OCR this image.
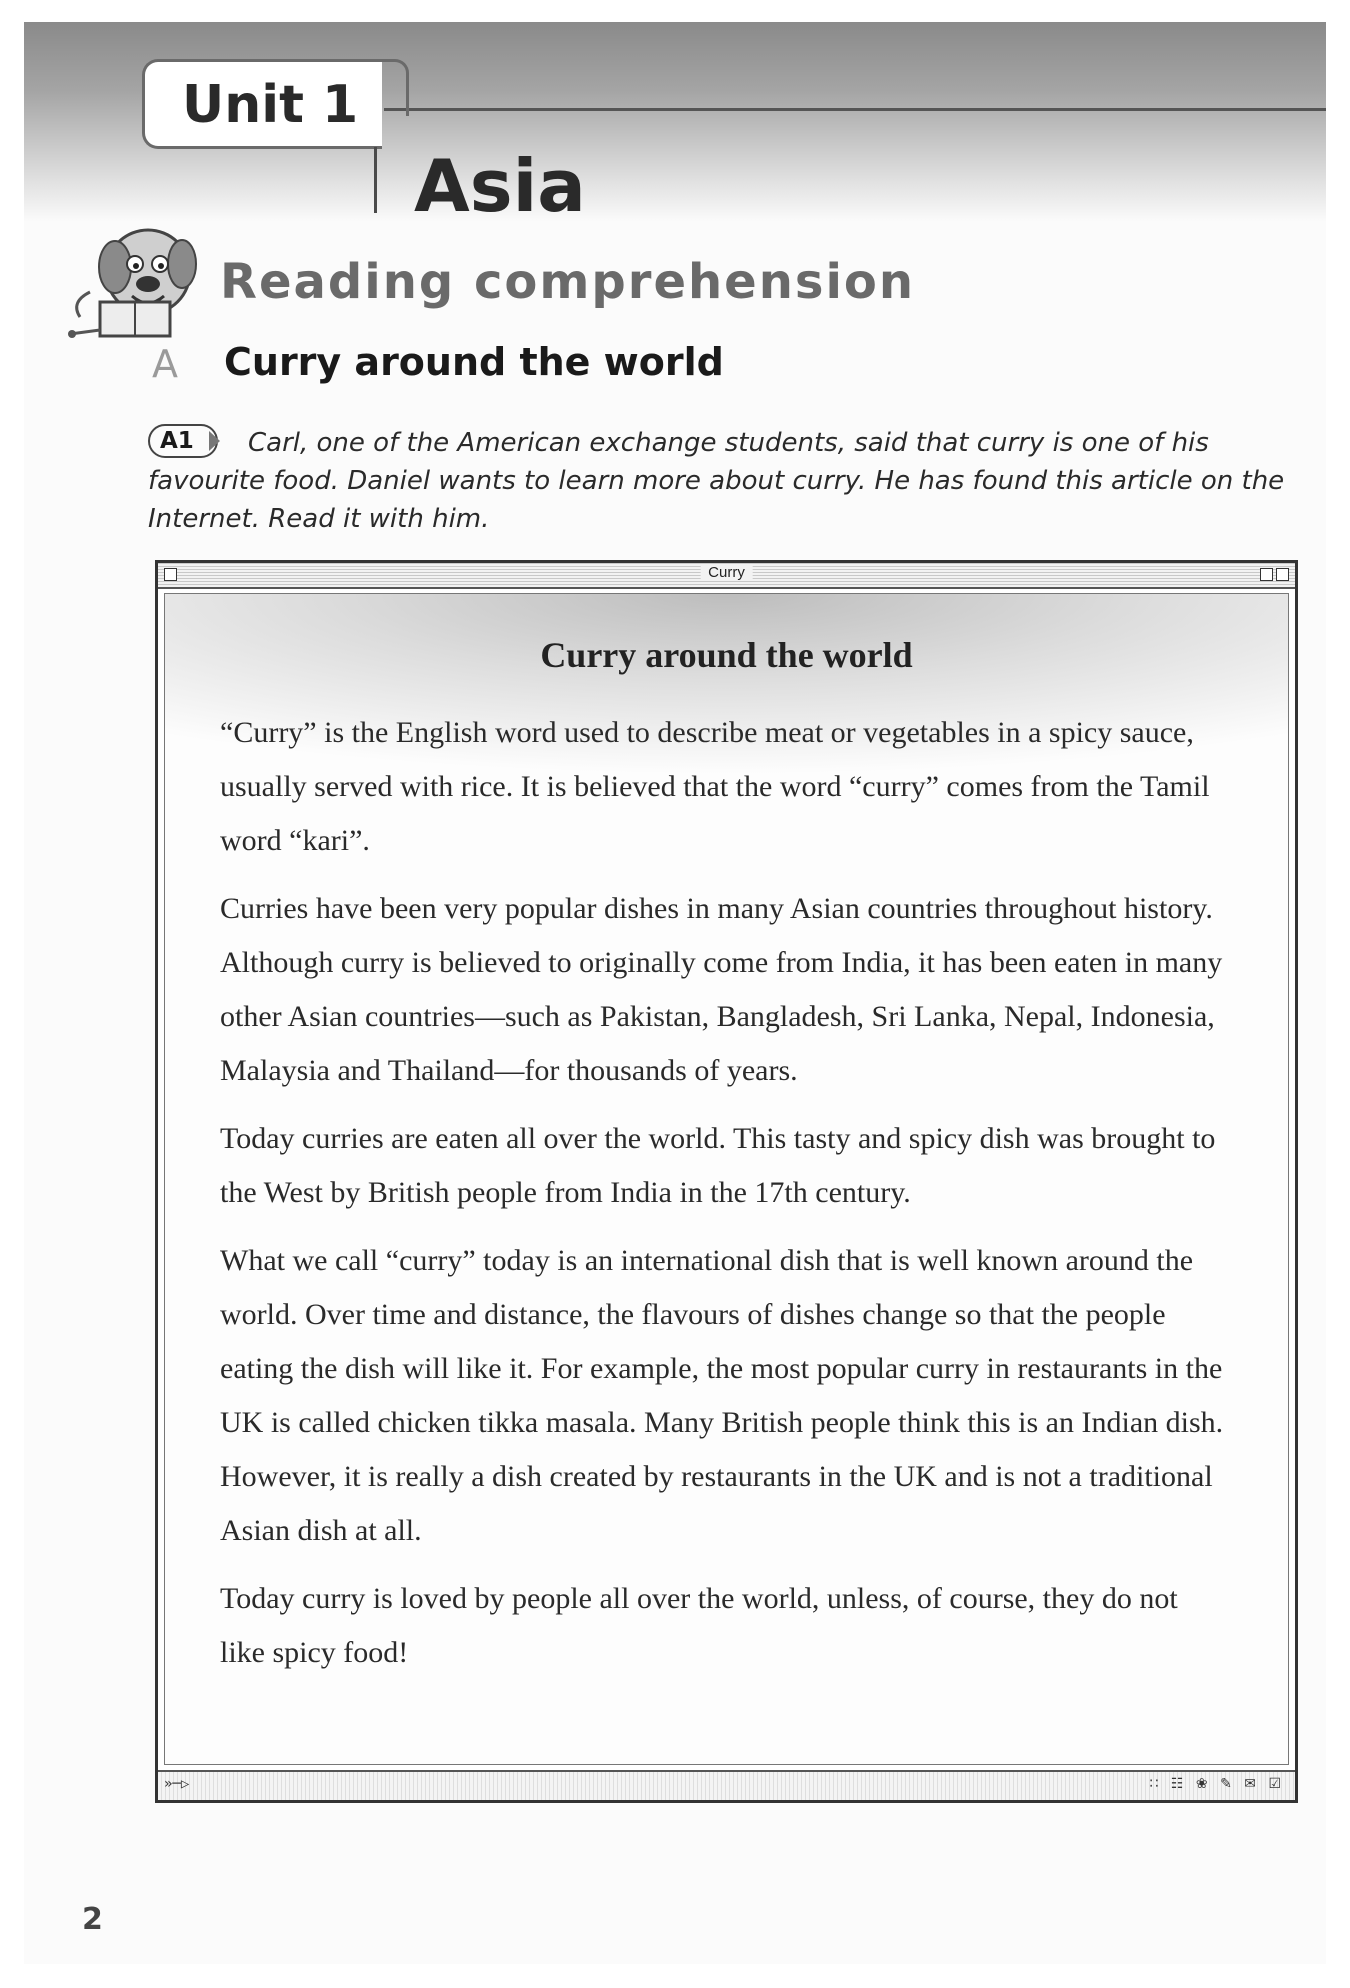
Unit 1
Asia
Reading comprehension
A Curry around the world
A1	Carl, one of the American exchange students, said that curry is one of his favourite food. Daniel wants to learn more about curry. He has found this article on the Internet. Read it with him.

Curry
Curry around the world

“Curry” is the English word used to describe meat or vegetables in a spicy sauce, usually served with rice. It is believed that the word “curry” comes from the Tamil word “kari”.

Curries have been very popular dishes in many Asian countries throughout history. Although curry is believed to originally come from India, it has been eaten in many other Asian countries—such as Pakistan, Bangladesh, Sri Lanka, Nepal, Indonesia, Malaysia and Thailand—for thousands of years.

Today curries are eaten all over the world. This tasty and spicy dish was brought to the West by British people from India in the 17th century.

What we call “curry” today is an international dish that is well known around the world. Over time and distance, the flavours of dishes change so that the people eating the dish will like it. For example, the most popular curry in restaurants in the UK is called chicken tikka masala. Many British people think this is an Indian dish. However, it is really a dish created by restaurants in the UK and is not a traditional Asian dish at all.

Today curry is loved by people all over the world, unless, of course, they do not like spicy food!

»─▷	∷ ☷ ❀ ✎ ✉ ☑
2
